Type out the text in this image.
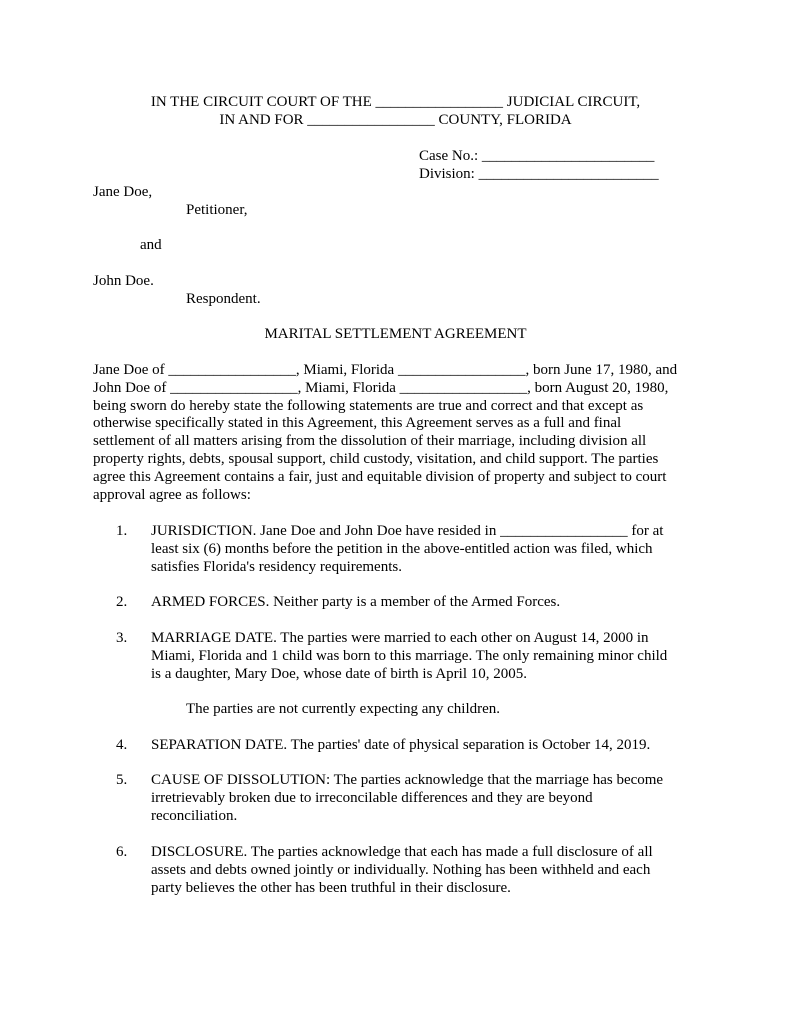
IN THE CIRCUIT COURT OF THE _________________ JUDICIAL CIRCUIT,
IN AND FOR _________________ COUNTY, FLORIDA
Case No.: _______________________
Division: ________________________
Jane Doe,
Petitioner,
and
John Doe.
Respondent.
MARITAL SETTLEMENT AGREEMENT
Jane Doe of _________________, Miami, Florida _________________, born June 17, 1980, and
John Doe of _________________, Miami, Florida _________________, born August 20, 1980,
being sworn do hereby state the following statements are true and correct and that except as
otherwise specifically stated in this Agreement, this Agreement serves as a full and final
settlement of all matters arising from the dissolution of their marriage, including division all
property rights, debts, spousal support, child custody, visitation, and child support. The parties
agree this Agreement contains a fair, just and equitable division of property and subject to court
approval agree as follows:
1. JURISDICTION. Jane Doe and John Doe have resided in _________________ for at
least six (6) months before the petition in the above-entitled action was filed, which
satisfies Florida's residency requirements.
2. ARMED FORCES. Neither party is a member of the Armed Forces.
3. MARRIAGE DATE. The parties were married to each other on August 14, 2000 in
Miami, Florida and 1 child was born to this marriage. The only remaining minor child
is a daughter, Mary Doe, whose date of birth is April 10, 2005.
The parties are not currently expecting any children.
4. SEPARATION DATE. The parties' date of physical separation is October 14, 2019.
5. CAUSE OF DISSOLUTION: The parties acknowledge that the marriage has become
irretrievably broken due to irreconcilable differences and they are beyond
reconciliation.
6. DISCLOSURE. The parties acknowledge that each has made a full disclosure of all
assets and debts owned jointly or individually. Nothing has been withheld and each
party believes the other has been truthful in their disclosure.
